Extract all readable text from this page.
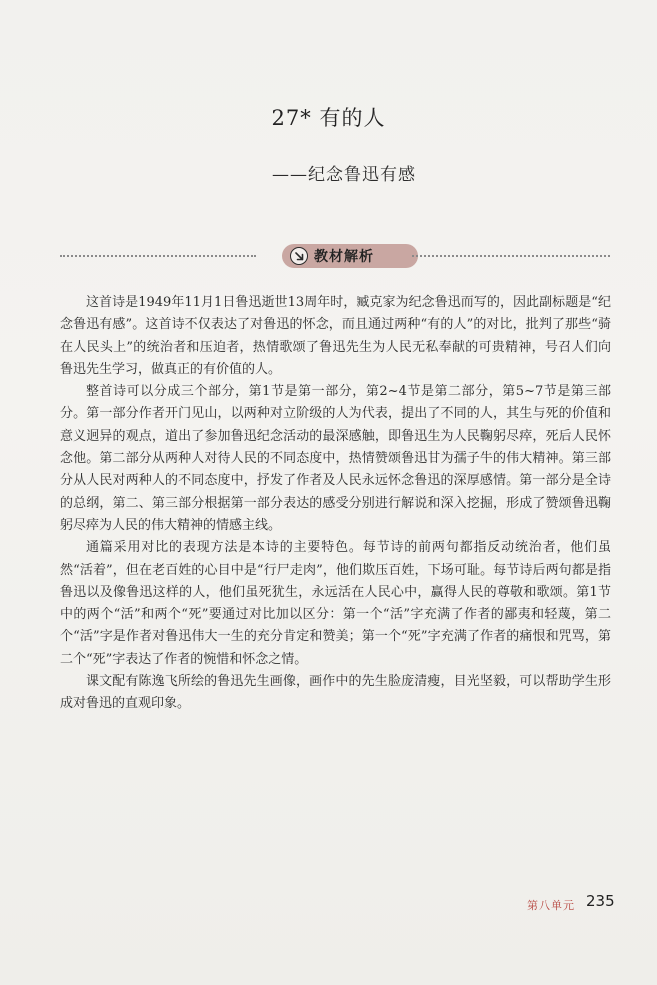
27* 有的人
——纪念鲁迅有感
教材解析

这首诗是1949年11月1日鲁迅逝世13周年时，臧克家为纪念鲁迅而写的，因此副标题是“纪念鲁迅有感”。这首诗不仅表达了对鲁迅的怀念，而且通过两种“有的人”的对比，批判了那些“骑在人民头上”的统治者和压迫者，热情歌颂了鲁迅先生为人民无私奉献的可贵精神，号召人们向鲁迅先生学习，做真正的有价值的人。

整首诗可以分成三个部分，第1节是第一部分，第2~4节是第二部分，第5~7节是第三部分。第一部分作者开门见山，以两种对立阶级的人为代表，提出了不同的人，其生与死的价值和意义迥异的观点，道出了参加鲁迅纪念活动的最深感触，即鲁迅生为人民鞠躬尽瘁，死后人民怀念他。第二部分从两种人对待人民的不同态度中，热情赞颂鲁迅甘为孺子牛的伟大精神。第三部分从人民对两种人的不同态度中，抒发了作者及人民永远怀念鲁迅的深厚感情。第一部分是全诗的总纲，第二、第三部分根据第一部分表达的感受分别进行解说和深入挖掘，形成了赞颂鲁迅鞠躬尽瘁为人民的伟大精神的情感主线。

通篇采用对比的表现方法是本诗的主要特色。每节诗的前两句都指反动统治者，他们虽然“活着”，但在老百姓的心目中是“行尸走肉”，他们欺压百姓，下场可耻。每节诗后两句都是指鲁迅以及像鲁迅这样的人，他们虽死犹生，永远活在人民心中，赢得人民的尊敬和歌颂。第1节中的两个“活”和两个“死”要通过对比加以区分：第一个“活”字充满了作者的鄙夷和轻蔑，第二个“活”字是作者对鲁迅伟大一生的充分肯定和赞美；第一个“死”字充满了作者的痛恨和咒骂，第二个“死”字表达了作者的惋惜和怀念之情。

课文配有陈逸飞所绘的鲁迅先生画像，画作中的先生脸庞清瘦，目光坚毅，可以帮助学生形成对鲁迅的直观印象。

第八单元 235
